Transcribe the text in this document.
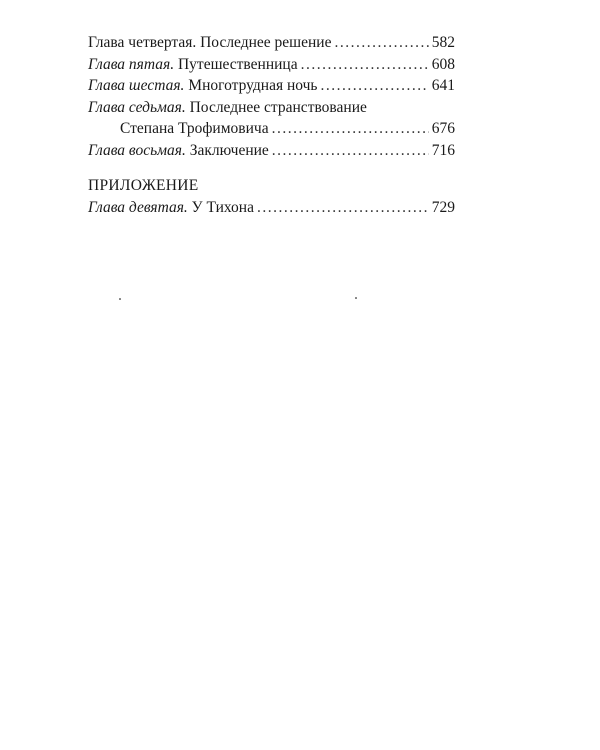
Глава четвертая. Последнее решение .....	582
Глава пятая. Путешественница .....	608
Глава шестая. Многотрудная ночь .....	641
Глава седьмая. Последнее странствование
Степана Трофимовича .....	676
Глава восьмая. Заключение .....	716
ПРИЛОЖЕНИЕ
Глава девятая. У Тихона .....	729
